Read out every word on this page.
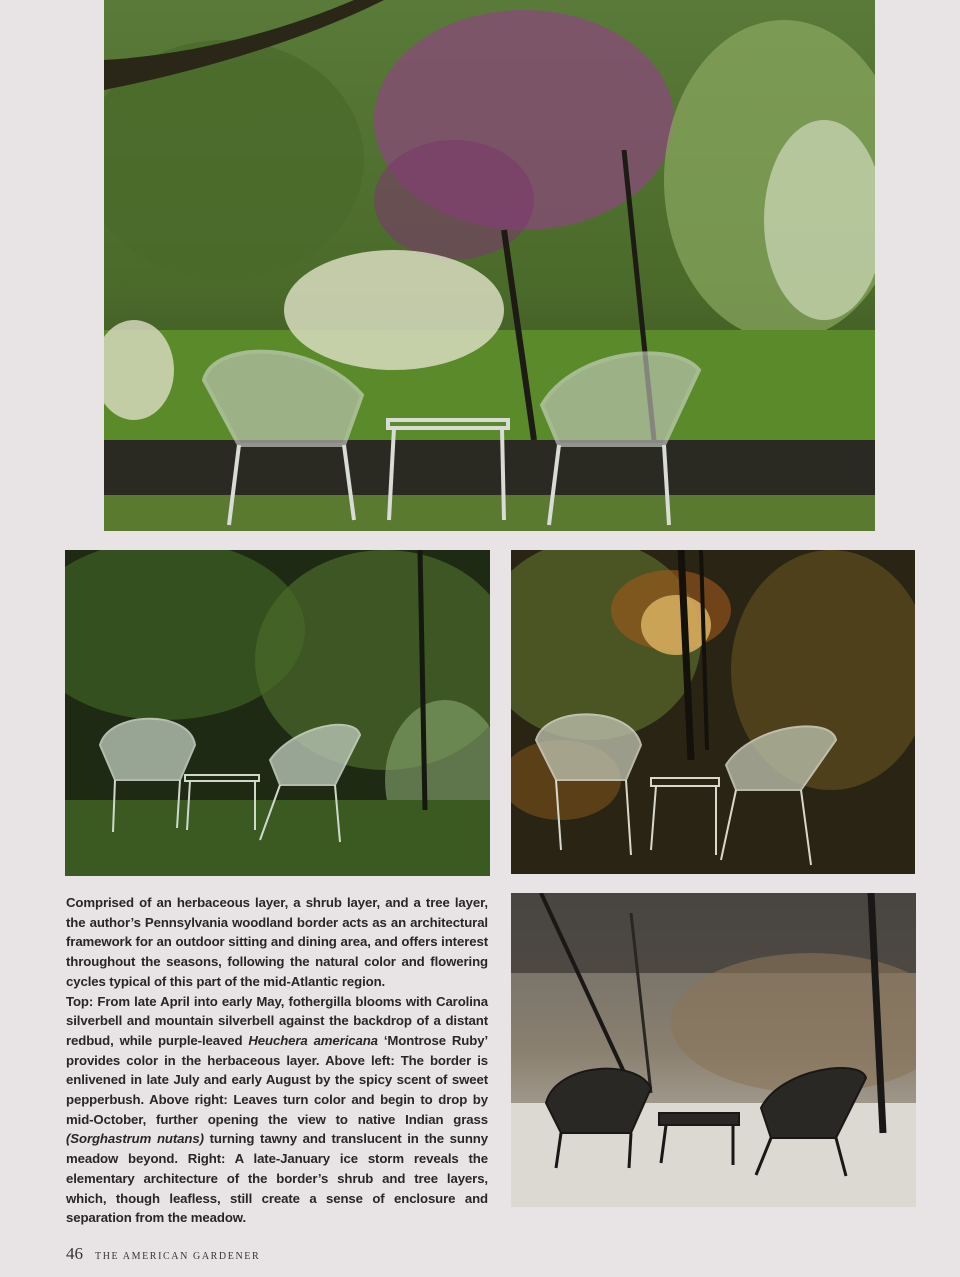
Comprised of an herbaceous layer, a shrub layer, and a tree layer, the author’s Pennsylvania woodland border acts as an architectural framework for an outdoor sitting and dining area, and offers interest throughout the seasons, following the natural color and flowering cycles typical of this part of the mid-Atlantic region.

Top: From late April into early May, fothergilla blooms with Carolina silverbell and mountain silverbell against the backdrop of a distant redbud, while purple-leaved Heuchera americana ‘Montrose Ruby’ provides color in the herbaceous layer. Above left: The border is enlivened in late July and early August by the spicy scent of sweet pepperbush. Above right: Leaves turn color and begin to drop by mid-October, further opening the view to native Indian grass (Sorghastrum nutans) turning tawny and translucent in the sunny meadow beyond. Right: A late-January ice storm reveals the elementary architecture of the border’s shrub and tree layers, which, though leafless, still create a sense of enclosure and separation from the meadow.

46 THE AMERICAN GARDENER
